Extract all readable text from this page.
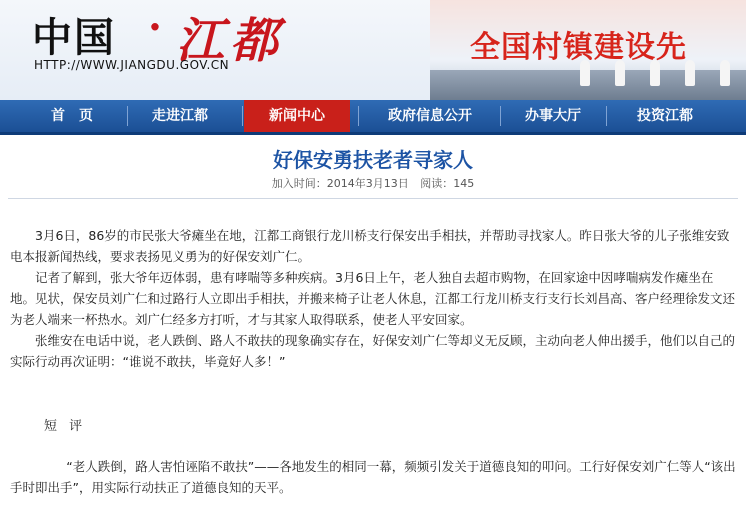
中国 · 江都
HTTP://WWW.JIANGDU.GOV.CN	全国村镇建设先
首　页	走进江都	新闻中心	政府信息公开	办事大厅	投资江都
好保安勇扶老者寻家人
加入时间：2014年3月13日 阅读：145

3月6日，86岁的市民张大爷瘫坐在地，江都工商银行龙川桥支行保安出手相扶，并帮助寻找家人。昨日张大爷的儿子张维安致电本报新闻热线，要求表扬见义勇为的好保安刘广仁。

记者了解到，张大爷年迈体弱，患有哮喘等多种疾病。3月6日上午，老人独自去超市购物，在回家途中因哮喘病发作瘫坐在地。见状，保安员刘广仁和过路行人立即出手相扶，并搬来椅子让老人休息，江都工行龙川桥支行支行长刘昌高、客户经理徐发文还为老人端来一杯热水。刘广仁经多方打听，才与其家人取得联系，使老人平安回家。

张维安在电话中说，老人跌倒、路人不敢扶的现象确实存在，好保安刘广仁等却义无反顾，主动向老人伸出援手，他们以自己的实际行动再次证明：“谁说不敢扶，毕竟好人多！”

短 评

“老人跌倒，路人害怕诬陷不敢扶”——各地发生的相同一幕，频频引发关于道德良知的叩问。工行好保安刘广仁等人“该出手时即出手”，用实际行动扶正了道德良知的天平。
